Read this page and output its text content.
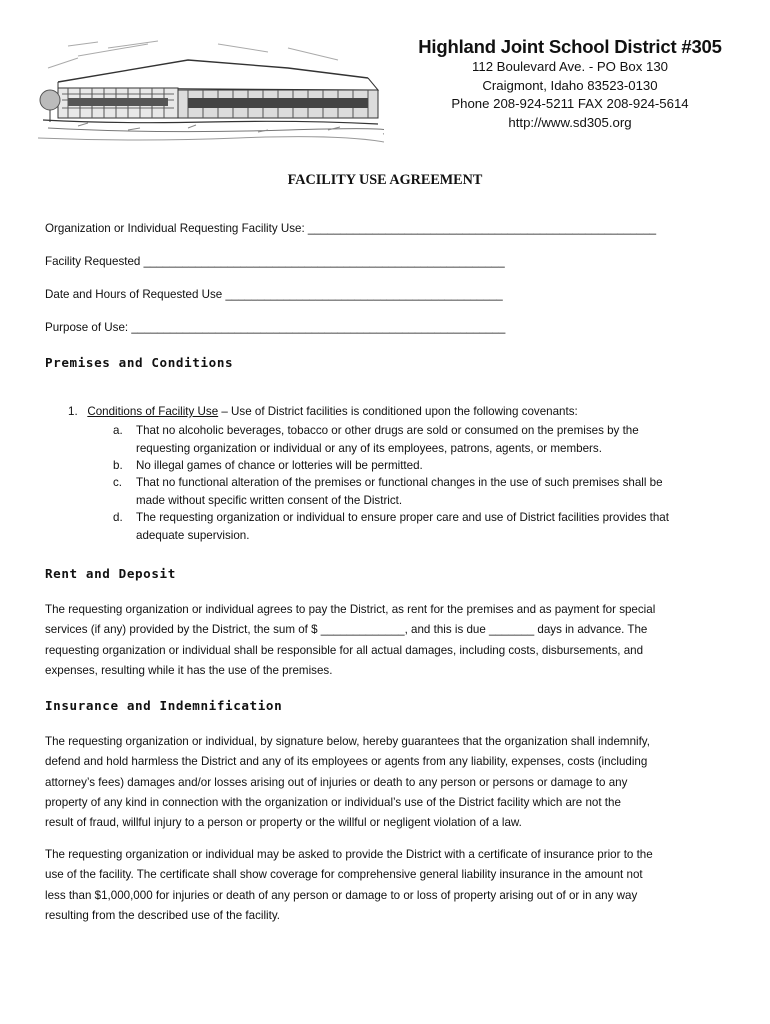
Highland Joint School District #305
112 Boulevard Ave. - PO Box 130
Craigmont, Idaho 83523-0130
Phone 208-924-5211 FAX 208-924-5614
http://www.sd305.org
FACILITY USE AGREEMENT
Organization or Individual Requesting Facility Use: ______________________________________________________
Facility Requested ________________________________________________________
Date and Hours of Requested Use ___________________________________________
Purpose of Use: __________________________________________________________
Premises and Conditions
1. Conditions of Facility Use – Use of District facilities is conditioned upon the following covenants:
a. That no alcoholic beverages, tobacco or other drugs are sold or consumed on the premises by the
requesting organization or individual or any of its employees, patrons, agents, or members.
b. No illegal games of chance or lotteries will be permitted.
c. That no functional alteration of the premises or functional changes in the use of such premises shall be
made without specific written consent of the District.
d. The requesting organization or individual to ensure proper care and use of District facilities provides that
adequate supervision.
Rent and Deposit
The requesting organization or individual agrees to pay the District, as rent for the premises and as payment for special
services (if any) provided by the District, the sum of $ _____________, and this is due _______ days in advance. The
requesting organization or individual shall be responsible for all actual damages, including costs, disbursements, and
expenses, resulting while it has the use of the premises.
Insurance and Indemnification
The requesting organization or individual, by signature below, hereby guarantees that the organization shall indemnify,
defend and hold harmless the District and any of its employees or agents from any liability, expenses, costs (including
attorney’s fees) damages and/or losses arising out of injuries or death to any person or persons or damage to any
property of any kind in connection with the organization or individual’s use of the District facility which are not the
result of fraud, willful injury to a person or property or the willful or negligent violation of a law.
The requesting organization or individual may be asked to provide the District with a certificate of insurance prior to the
use of the facility. The certificate shall show coverage for comprehensive general liability insurance in the amount not
less than $1,000,000 for injuries or death of any person or damage to or loss of property arising out of or in any way
resulting from the described use of the facility.
